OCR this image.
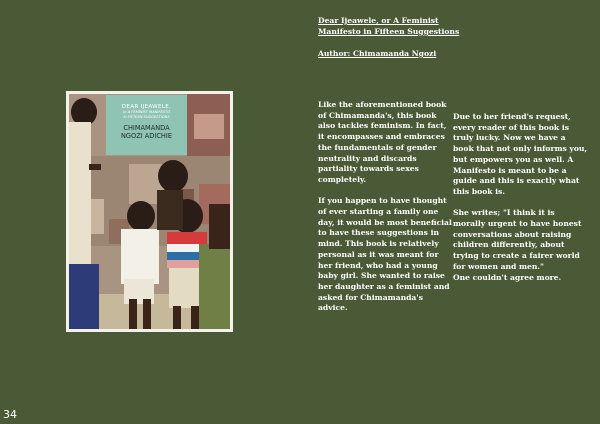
Dear Ijeawele, or A Feminist
Manifesto in Fifteen Suggestions

Author: Chimamanda Ngozi
DEAR IJEAWELE,
or A FEMINIST MANIFESTO
in FIFTEEN SUGGESTIONS
CHIMAMANDA
NGOZI ADICHIE

Like the aforementioned book of Chimamanda's, this book also tackles feminism. In fact, it encompasses and embraces the fundamentals of gender neutrality and discards partiality towards sexes completely.

If you happen to have thought of ever starting a family one day, it would be most beneficial to have these suggestions in mind. This book is relatively personal as it was meant for her friend, who had a young baby girl. She wanted to raise her daughter as a feminist and asked for Chimamanda's advice.

Due to her friend's request, every reader of this book is truly lucky. Now we have a book that not only informs you, but empowers you as well. A Manifesto is meant to be a guide and this is exactly what this book is.

She writes; "I think it is morally urgent to have honest conversations about raising children differently, about trying to create a fairer world for women and men."

One couldn't agree more.

34
